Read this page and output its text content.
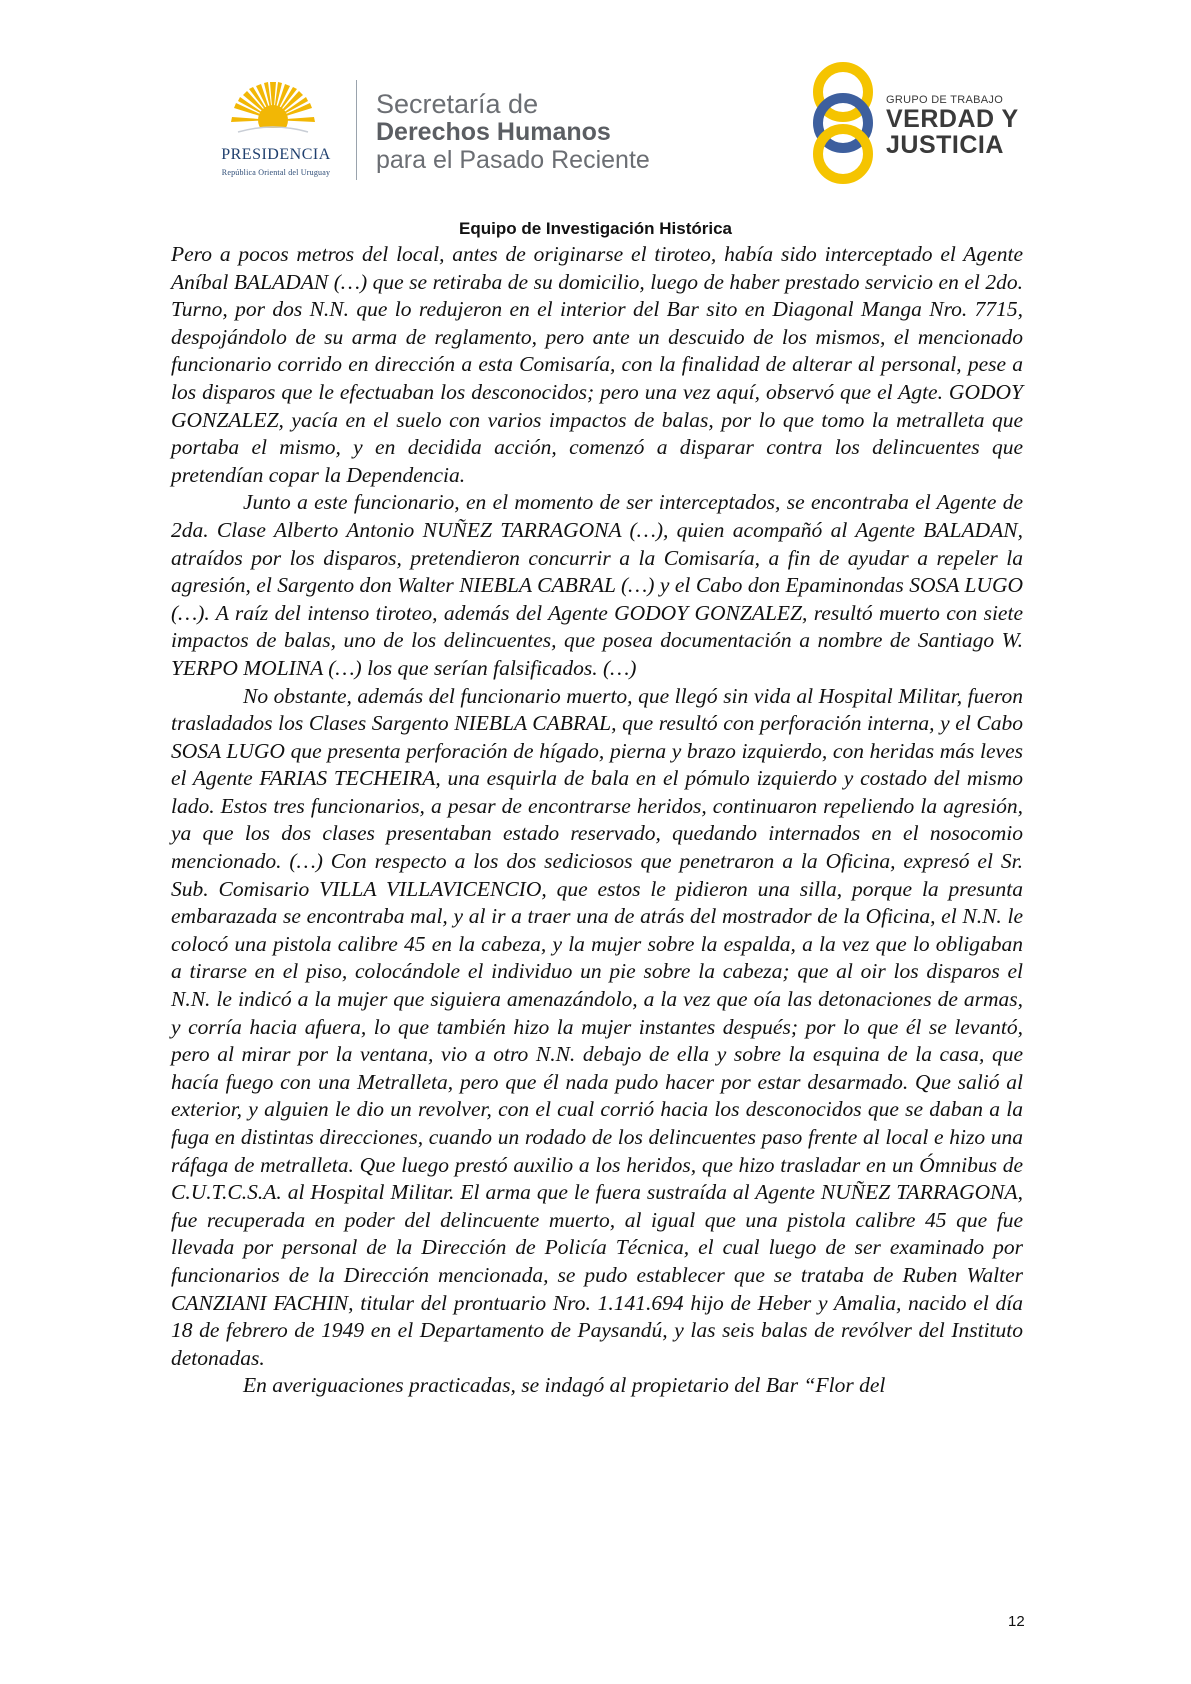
PRESIDENCIA
República Oriental del Uruguay
Secretaría de
Derechos Humanos
para el Pasado Reciente
GRUPO DE TRABAJO
VERDAD Y
JUSTICIA
Equipo de Investigación Histórica

Pero a pocos metros del local, antes de originarse el tiroteo, había sido interceptado el Agente Aníbal BALADAN (…) que se retiraba de su domicilio, luego de haber prestado servicio en el 2do. Turno, por dos N.N. que lo redujeron en el interior del Bar sito en Diagonal Manga Nro. 7715, despojándolo de su arma de reglamento, pero ante un descuido de los mismos, el mencionado funcionario corrido en dirección a esta Comisaría, con la finalidad de alterar al personal, pese a los disparos que le efectuaban los desconocidos; pero una vez aquí, observó que el Agte. GODOY GONZALEZ, yacía en el suelo con varios impactos de balas, por lo que tomo la metralleta que portaba el mismo, y en decidida acción, comenzó a disparar contra los delincuentes que pretendían copar la Dependencia.

Junto a este funcionario, en el momento de ser interceptados, se encontraba el Agente de 2da. Clase Alberto Antonio NUÑEZ TARRAGONA (…), quien acompañó al Agente BALADAN, atraídos por los disparos, pretendieron concurrir a la Comisaría, a fin de ayudar a repeler la agresión, el Sargento don Walter NIEBLA CABRAL (…) y el Cabo don Epaminondas SOSA LUGO (…). A raíz del intenso tiroteo, además del Agente GODOY GONZALEZ, resultó muerto con siete impactos de balas, uno de los delincuentes, que posea documentación a nombre de Santiago W. YERPO MOLINA (…) los que serían falsificados. (…)

No obstante, además del funcionario muerto, que llegó sin vida al Hospital Militar, fueron trasladados los Clases Sargento NIEBLA CABRAL, que resultó con perforación interna, y el Cabo SOSA LUGO que presenta perforación de hígado, pierna y brazo izquierdo, con heridas más leves el Agente FARIAS TECHEIRA, una esquirla de bala en el pómulo izquierdo y costado del mismo lado. Estos tres funcionarios, a pesar de encontrarse heridos, continuaron repeliendo la agresión, ya que los dos clases presentaban estado reservado, quedando internados en el nosocomio mencionado. (…) Con respecto a los dos sediciosos que penetraron a la Oficina, expresó el Sr. Sub. Comisario VILLA VILLAVICENCIO, que estos le pidieron una silla, porque la presunta embarazada se encontraba mal, y al ir a traer una de atrás del mostrador de la Oficina, el N.N. le colocó una pistola calibre 45 en la cabeza, y la mujer sobre la espalda, a la vez que lo obligaban a tirarse en el piso, colocándole el individuo un pie sobre la cabeza; que al oir los disparos el N.N. le indicó a la mujer que siguiera amenazándolo, a la vez que oía las detonaciones de armas, y corría hacia afuera, lo que también hizo la mujer instantes después; por lo que él se levantó, pero al mirar por la ventana, vio a otro N.N. debajo de ella y sobre la esquina de la casa, que hacía fuego con una Metralleta, pero que él nada pudo hacer por estar desarmado. Que salió al exterior, y alguien le dio un revolver, con el cual corrió hacia los desconocidos que se daban a la fuga en distintas direcciones, cuando un rodado de los delincuentes paso frente al local e hizo una ráfaga de metralleta. Que luego prestó auxilio a los heridos, que hizo trasladar en un Ómnibus de C.U.T.C.S.A. al Hospital Militar. El arma que le fuera sustraída al Agente NUÑEZ TARRAGONA, fue recuperada en poder del delincuente muerto, al igual que una pistola calibre 45 que fue llevada por personal de la Dirección de Policía Técnica, el cual luego de ser examinado por funcionarios de la Dirección mencionada, se pudo establecer que se trataba de Ruben Walter CANZIANI FACHIN, titular del prontuario Nro. 1.141.694 hijo de Heber y Amalia, nacido el día 18 de febrero de 1949 en el Departamento de Paysandú, y las seis balas de revólver del Instituto detonadas.

En averiguaciones practicadas, se indagó al propietario del Bar “Flor del

12
